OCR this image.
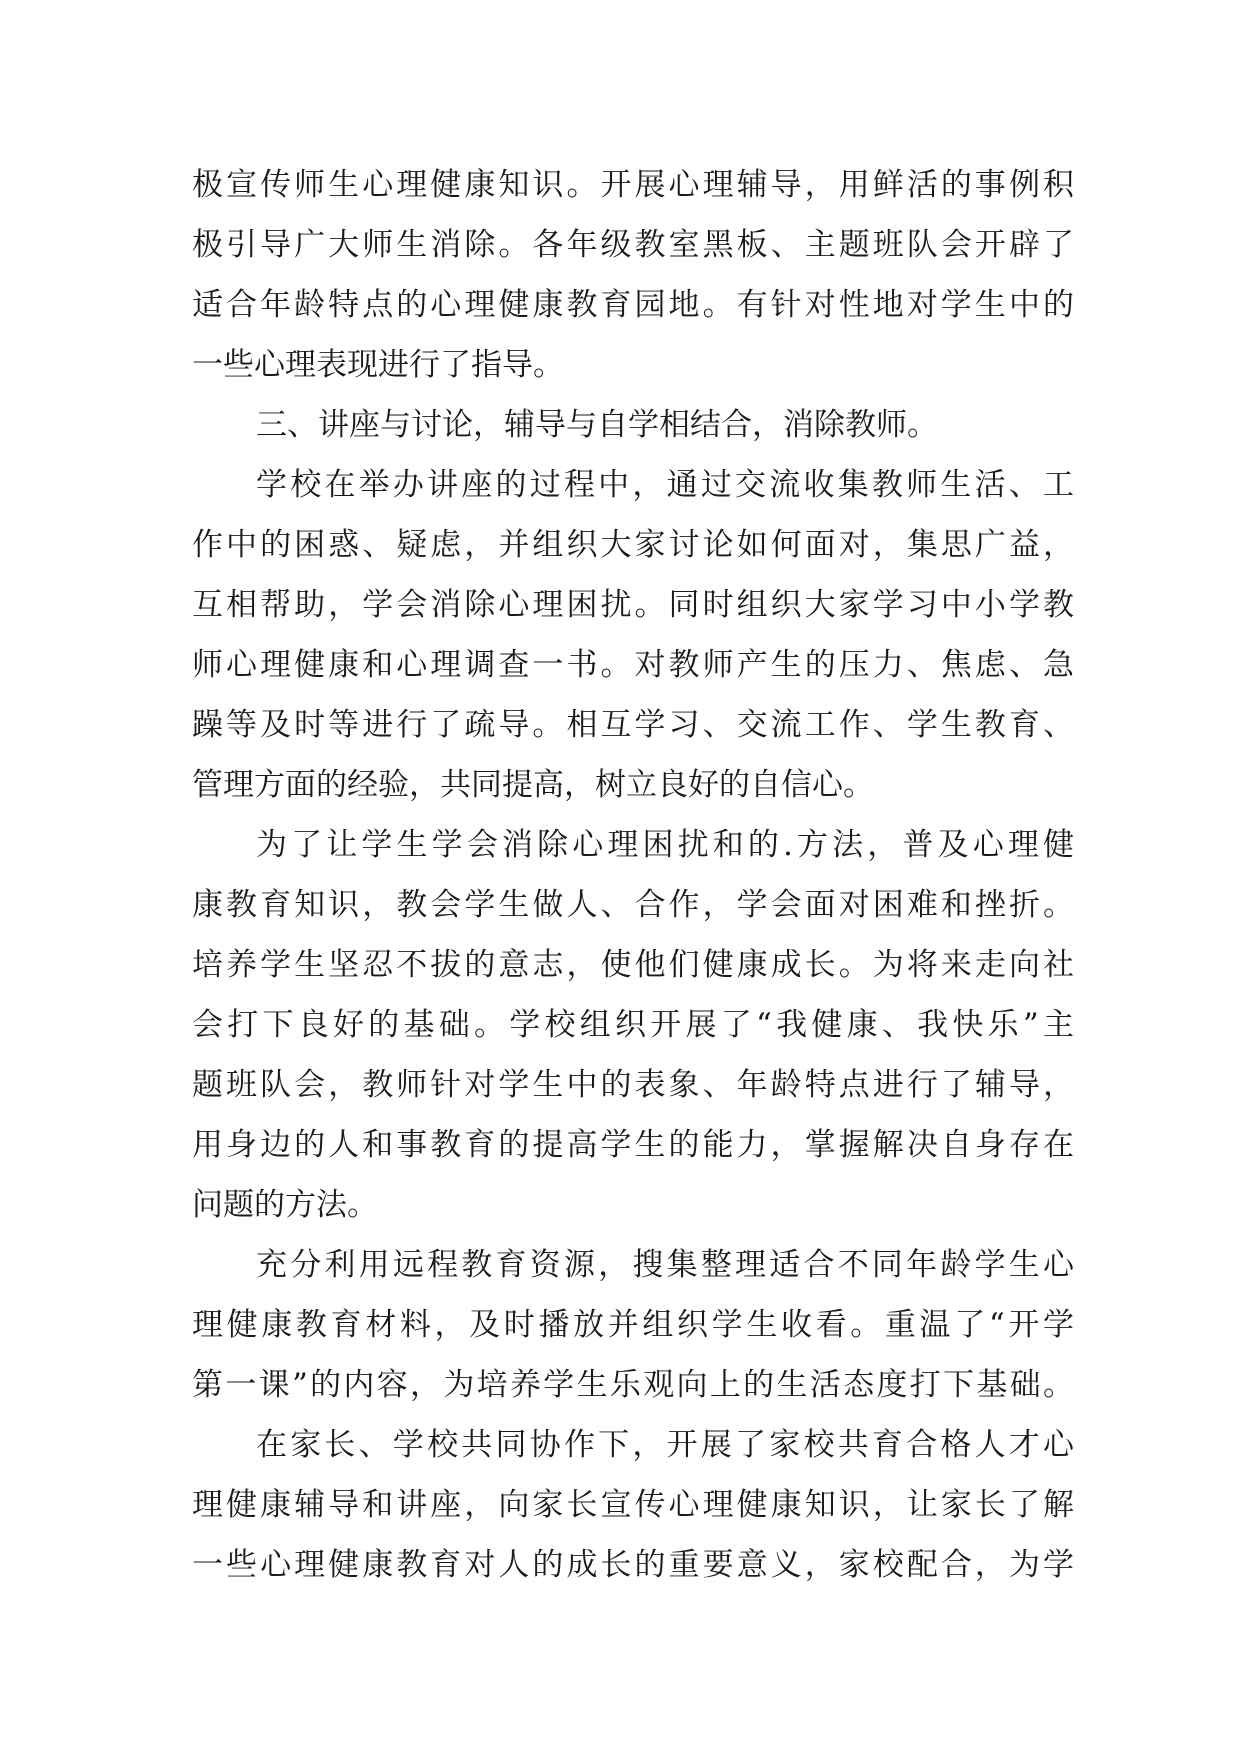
极宣传师生心理健康知识。开展心理辅导，用鲜活的事例积
极引导广大师生消除。各年级教室黑板、主题班队会开辟了
适合年龄特点的心理健康教育园地。有针对性地对学生中的
一些心理表现进行了指导。
三、讲座与讨论，辅导与自学相结合，消除教师。
学校在举办讲座的过程中，通过交流收集教师生活、工
作中的困惑、疑虑，并组织大家讨论如何面对，集思广益，
互相帮助，学会消除心理困扰。同时组织大家学习中小学教
师心理健康和心理调查一书。对教师产生的压力、焦虑、急
躁等及时等进行了疏导。相互学习、交流工作、学生教育、
管理方面的经验，共同提高，树立良好的自信心。
为了让学生学会消除心理困扰和的.方法，普及心理健
康教育知识，教会学生做人、合作，学会面对困难和挫折。
培养学生坚忍不拔的意志，使他们健康成长。为将来走向社
会打下良好的基础。学校组织开展了“我健康、我快乐”主
题班队会，教师针对学生中的表象、年龄特点进行了辅导，
用身边的人和事教育的提高学生的能力，掌握解决自身存在
问题的方法。
充分利用远程教育资源，搜集整理适合不同年龄学生心
理健康教育材料，及时播放并组织学生收看。重温了“开学
第一课”的内容，为培养学生乐观向上的生活态度打下基础。
在家长、学校共同协作下，开展了家校共育合格人才心
理健康辅导和讲座，向家长宣传心理健康知识，让家长了解
一些心理健康教育对人的成长的重要意义，家校配合，为学
